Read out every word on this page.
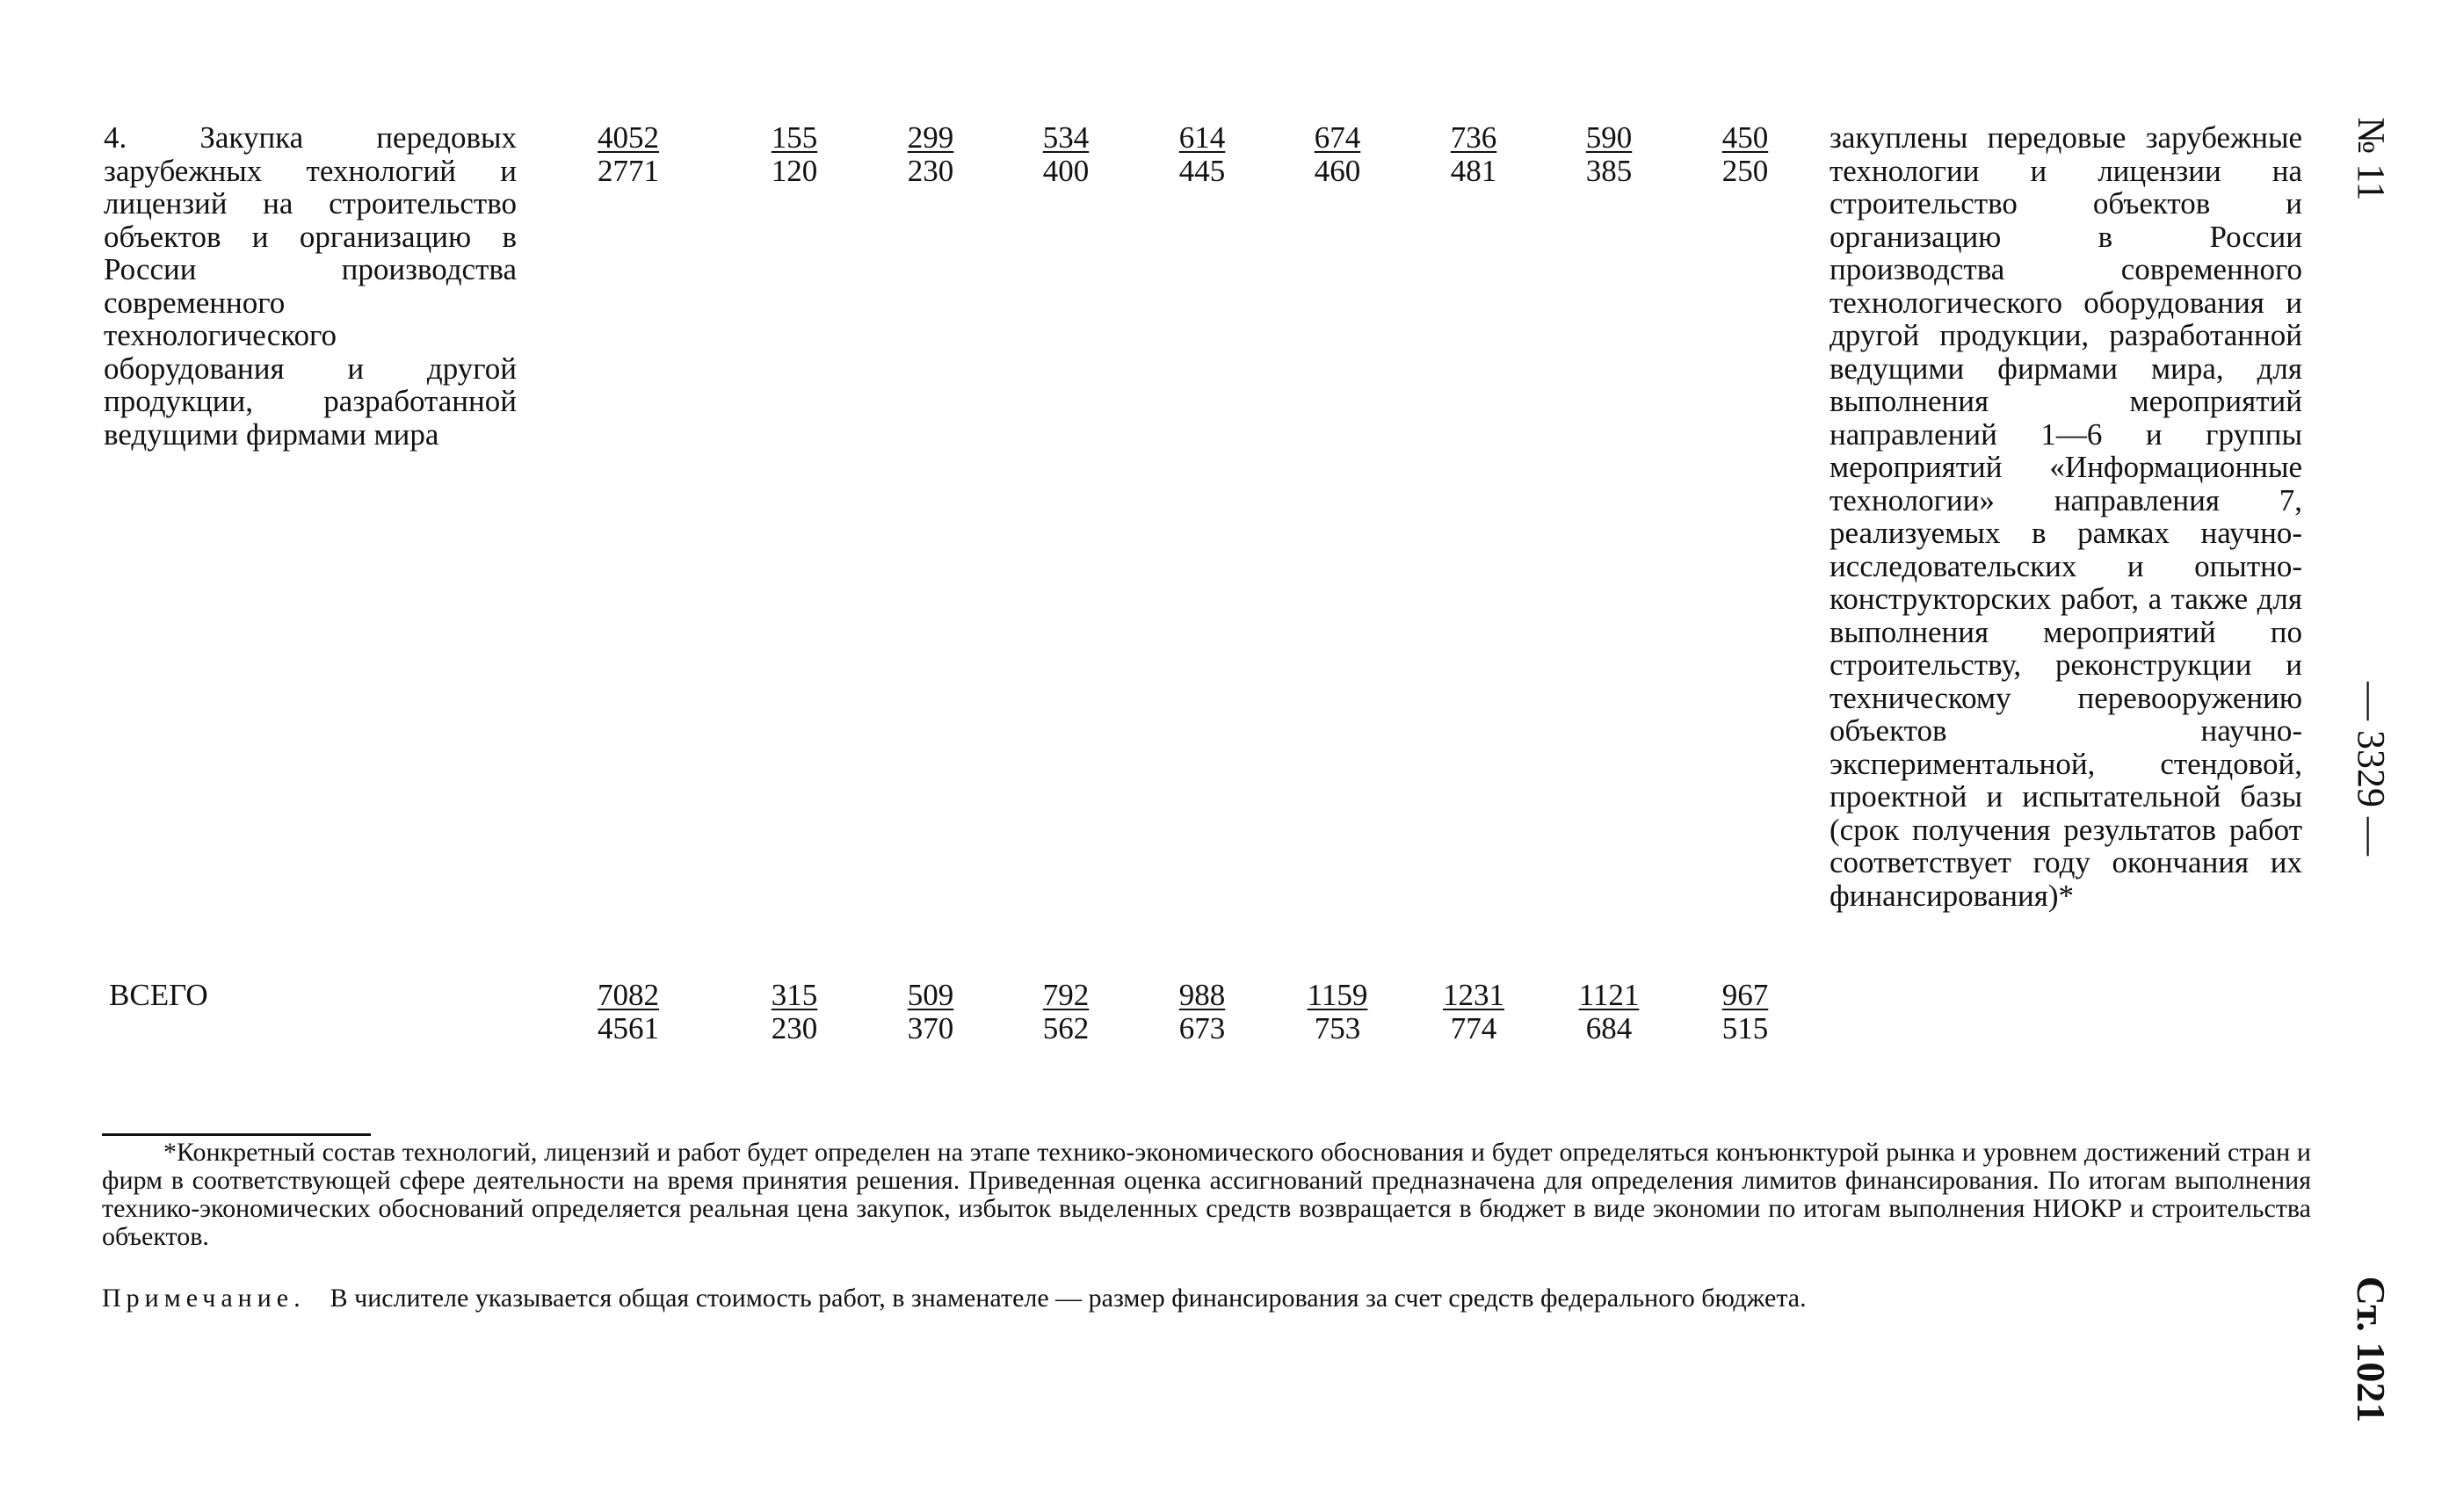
4. Закупка передовых зарубежных технологий и лицензий на строительство объектов и организацию в России производства современного технологического оборудования и другой продукции, разработанной ведущими фирмами мира
4052
2771
155
120
299
230
534
400
614
445
674
460
736
481
590
385
450
250
закуплены передовые зарубежные технологии и лицензии на строительство объектов и организацию в России производства современного технологического оборудования и другой продукции, разработанной ведущими фирмами мира, для выполнения мероприятий направлений 1—6 и группы мероприятий «Информационные технологии» направления 7, реализуемых в рамках научно-исследовательских и опытно-конструкторских работ, а также для выполнения мероприятий по строительству, реконструкции и техническому перевооружению объектов научно-экспериментальной, стендовой, проектной и испытательной базы (срок получения результатов работ соответствует году окончания их финансирования)*
ВСЕГО	7082
4561
315
230
509
370
792
562
988
673
1159
753
1231
774
1121
684
967
515
*Конкретный состав технологий, лицензий и работ будет определен на этапе технико-экономического обоснования и будет определяться конъюнктурой рынка и уровнем достижений стран и фирм в соответствующей сфере деятельности на время принятия решения. Приведенная оценка ассигнований предназначена для определения лимитов финансирования. По итогам выполнения технико-экономических обоснований определяется реальная цена закупок, избыток выделенных средств возвращается в бюджет в виде экономии по итогам выполнения НИОКР и строительства объектов.
Примечание. В числителе указывается общая стоимость работ, в знаменателе — размер финансирования за счет средств федерального бюджета.
№ 11
— 3329 —
Ст. 1021
